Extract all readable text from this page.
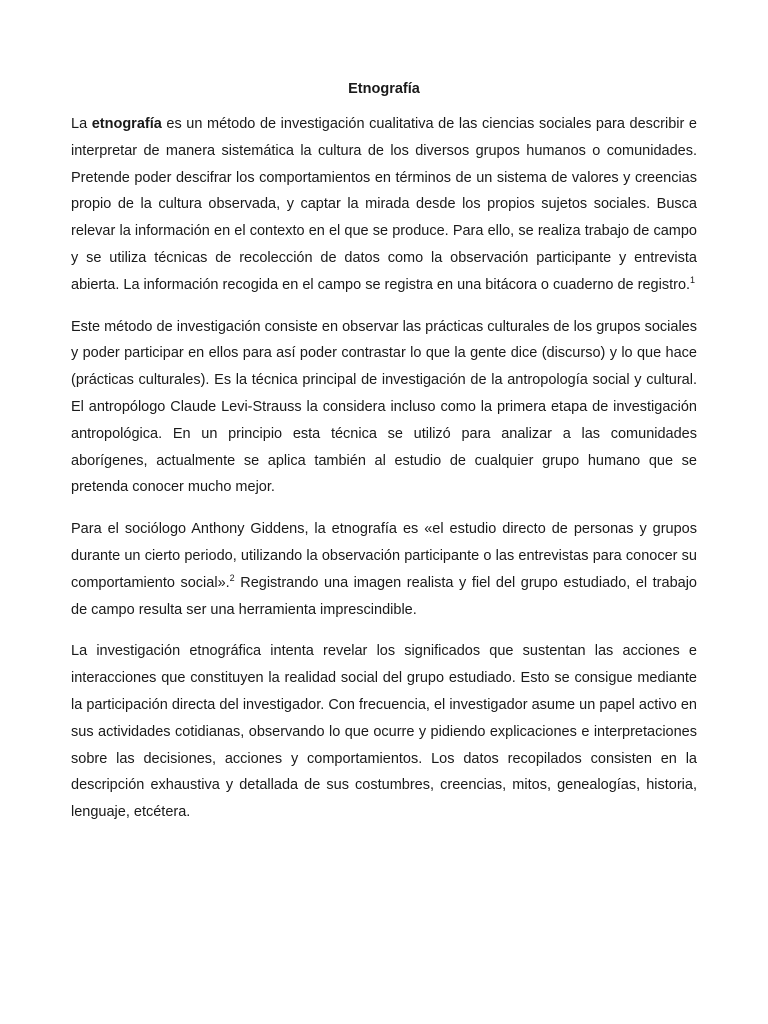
Etnografía

La etnografía es un método de investigación cualitativa de las ciencias sociales para describir e interpretar de manera sistemática la cultura de los diversos grupos humanos o comunidades. Pretende poder descifrar los comportamientos en términos de un sistema de valores y creencias propio de la cultura observada, y captar la mirada desde los propios sujetos sociales. Busca relevar la información en el contexto en el que se produce. Para ello, se realiza trabajo de campo y se utiliza técnicas de recolección de datos como la observación participante y entrevista abierta. La información recogida en el campo se registra en una bitácora o cuaderno de registro.$^1$

Este método de investigación consiste en observar las prácticas culturales de los grupos sociales y poder participar en ellos para así poder contrastar lo que la gente dice (discurso) y lo que hace (prácticas culturales). Es la técnica principal de investigación de la antropología social y cultural. El antropólogo Claude Levi-Strauss la considera incluso como la primera etapa de investigación antropológica. En un principio esta técnica se utilizó para analizar a las comunidades aborígenes, actualmente se aplica también al estudio de cualquier grupo humano que se pretenda conocer mucho mejor.

Para el sociólogo Anthony Giddens, la etnografía es «el estudio directo de personas y grupos durante un cierto periodo, utilizando la observación participante o las entrevistas para conocer su comportamiento social».$^2$ Registrando una imagen realista y fiel del grupo estudiado, el trabajo de campo resulta ser una herramienta imprescindible.

La investigación etnográfica intenta revelar los significados que sustentan las acciones e interacciones que constituyen la realidad social del grupo estudiado. Esto se consigue mediante la participación directa del investigador. Con frecuencia, el investigador asume un papel activo en sus actividades cotidianas, observando lo que ocurre y pidiendo explicaciones e interpretaciones sobre las decisiones, acciones y comportamientos. Los datos recopilados consisten en la descripción exhaustiva y detallada de sus costumbres, creencias, mitos, genealogías, historia, lenguaje, etcétera.
